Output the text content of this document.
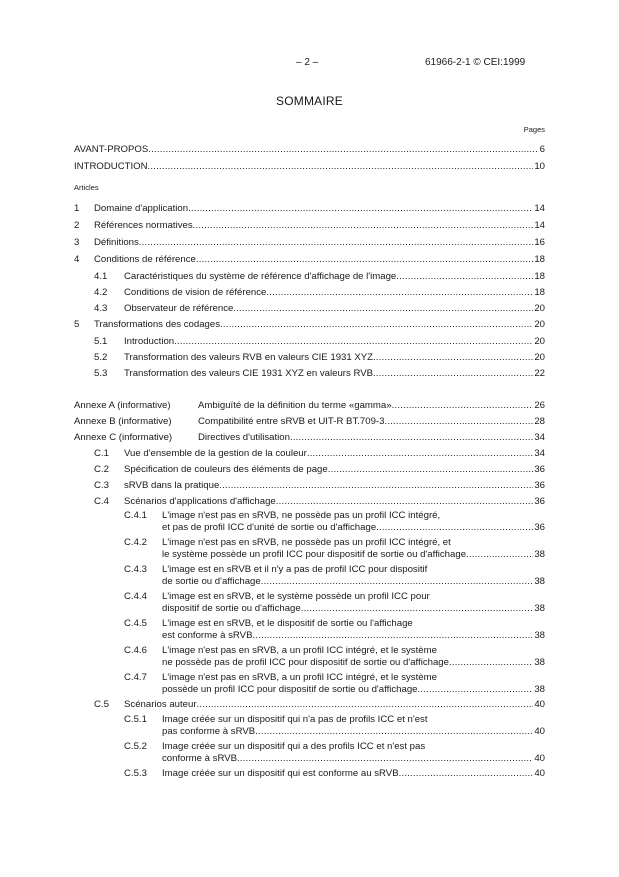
– 2 –	61966-2-1 © CEI:1999
SOMMAIRE
Pages
AVANT-PROPOS .....	6
INTRODUCTION .....	10
Articles
1	Domaine d'application .....	14
2	Références normatives .....	14
3	Définitions .....	16
4	Conditions de référence .....	18
4.1	Caractéristiques du système de référence d'affichage de l'image .....	18
4.2	Conditions de vision de référence .....	18
4.3	Observateur de référence .....	20
5	Transformations des codages .....	20
5.1	Introduction .....	20
5.2	Transformation des valeurs RVB en valeurs CIE 1931 XYZ .....	20
5.3	Transformation des valeurs CIE 1931 XYZ en valeurs RVB .....	22
Annexe A (informative)	Ambiguïté de la définition du terme «gamma» .....	26
Annexe B (informative)	Compatibilité entre sRVB et UIT-R BT.709-3 .....	28
Annexe C (informative)	Directives d'utilisation .....	34
C.1	Vue d'ensemble de la gestion de la couleur .....	34
C.2	Spécification de couleurs des éléments de page .....	36
C.3	sRVB dans la pratique .....	36
C.4	Scénarios d'applications d'affichage .....	36
C.4.1 L'image n'est pas en sRVB, ne possède pas un profil ICC intégré,
et pas de profil ICC d'unité de sortie ou d'affichage .....	36
C.4.2 L'image n'est pas en sRVB, ne possède pas un profil ICC intégré, et
le système possède un profil ICC pour dispositif de sortie ou d'affichage .....	38
C.4.3 L'image est en sRVB et il n'y a pas de profil ICC pour dispositif
de sortie ou d'affichage .....	38
C.4.4 L'image est en sRVB, et le système possède un profil ICC pour
dispositif de sortie ou d'affichage .....	38
C.4.5 L'image est en sRVB, et le dispositif de sortie ou l'affichage
est conforme à sRVB .....	38
C.4.6 L'image n'est pas en sRVB, a un profil ICC intégré, et le système
ne possède pas de profil ICC pour dispositif de sortie ou d'affichage .....	38
C.4.7 L'image n'est pas en sRVB, a un profil ICC intégré, et le système
possède un profil ICC pour dispositif de sortie ou d'affichage .....	38
C.5	Scénarios auteur .....	40
C.5.1 Image créée sur un dispositif qui n'a pas de profils ICC et n'est
pas conforme à sRVB .....	40
C.5.2 Image créée sur un dispositif qui a des profils ICC et n'est pas
conforme à sRVB .....	40
C.5.3 Image créée sur un dispositif qui est conforme au sRVB .....	40
